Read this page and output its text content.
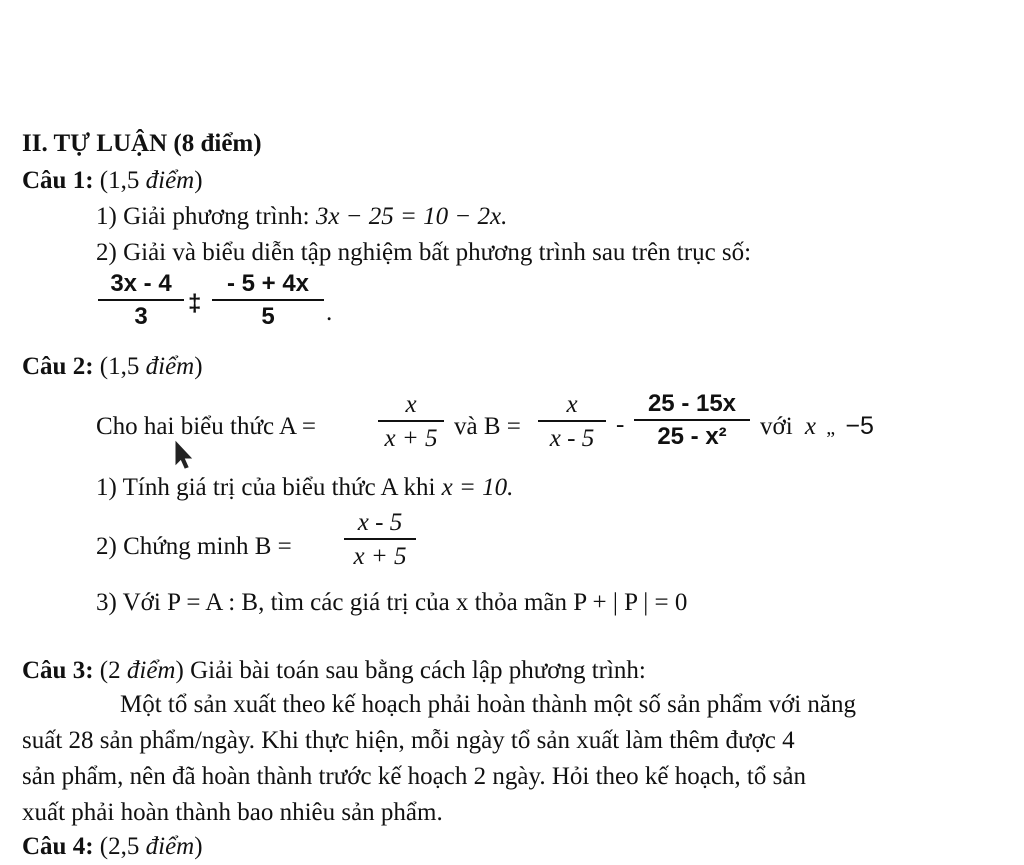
II. TỰ LUẬN (8 điểm)
Câu 1: (1,5 điểm)
1) Giải phương trình: 3x − 25 = 10 − 2x.
2) Giải và biểu diễn tập nghiệm bất phương trình sau trên trục số:
3x - 4
3	‡
- 5 + 4x
5	.
Câu 2: (1,5 điểm)
Cho hai biểu thức A =
x
x + 5 và B =
x
x - 5
-
25 - 15x
25 - x²	với x „ −5
1) Tính giá trị của biểu thức A khi x = 10.
2) Chứng minh B =
x - 5
x + 5
3) Với P = A : B, tìm các giá trị của x thỏa mãn P + | P | = 0
Câu 3: (2 điểm) Giải bài toán sau bằng cách lập phương trình:
Một tổ sản xuất theo kế hoạch phải hoàn thành một số sản phẩm với năng
suất 28 sản phẩm/ngày. Khi thực hiện, mỗi ngày tổ sản xuất làm thêm được 4
sản phẩm, nên đã hoàn thành trước kế hoạch 2 ngày. Hỏi theo kế hoạch, tổ sản
xuất phải hoàn thành bao nhiêu sản phẩm.
Câu 4: (2,5 điểm)
